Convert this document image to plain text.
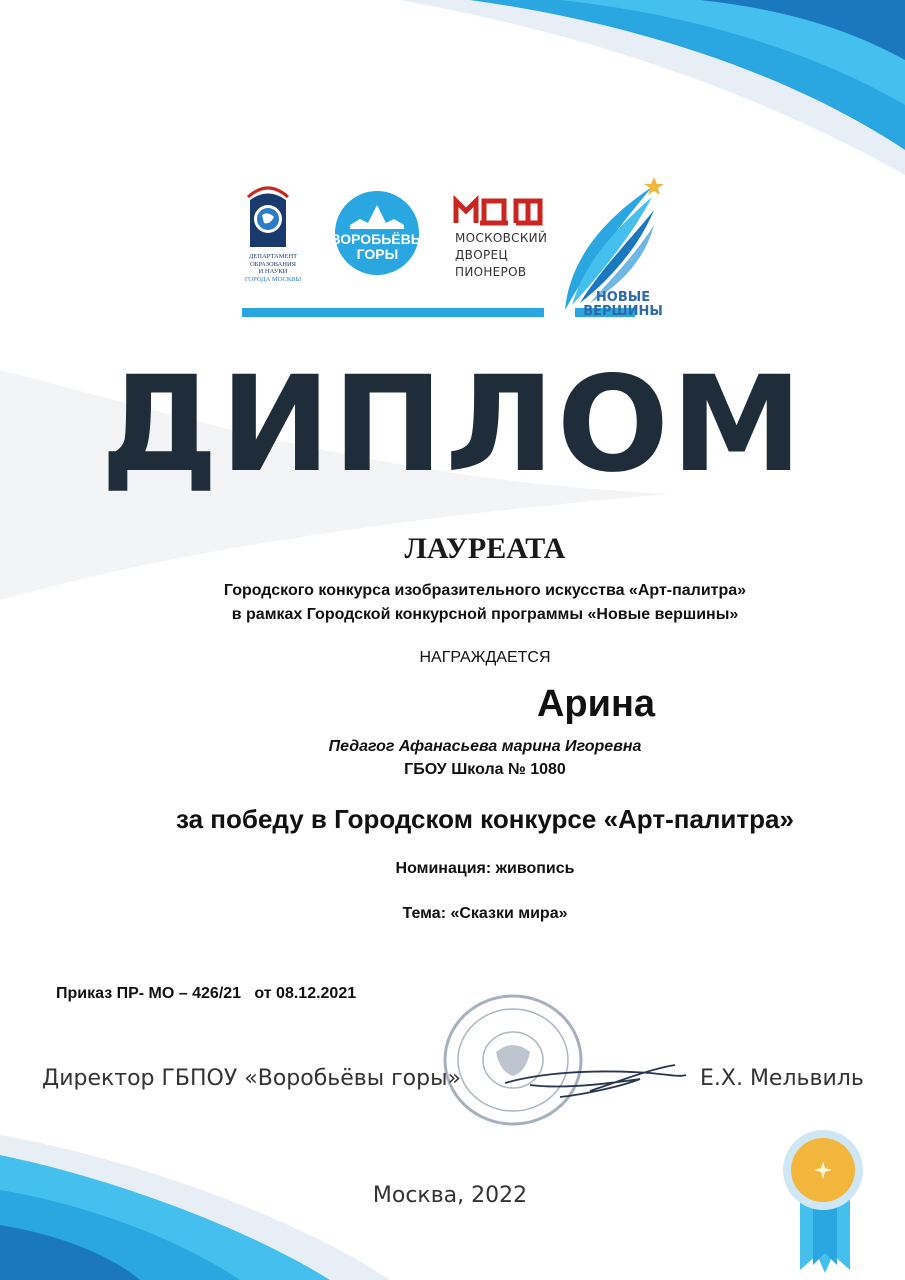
ДЕПАРТАМЕНТ
ОБРАЗОВАНИЯ
И НАУКИ
ГОРОДА МОСКВЫ
ВОРОБЬЁВЫ
ГОРЫ
МОСКОВСКИЙ
ДВОРЕЦ
ПИОНЕРОВ
НОВЫЕ
ВЕРШИНЫ
ДИПЛОМ
ЛАУРЕАТА
Городского конкурса изобразительного искусства «Арт-палитра»
в рамках Городской конкурсной программы «Новые вершины»
НАГРАЖДАЕТСЯ
Арина
Педагог Афанасьева марина Игоревна
ГБОУ Школа № 1080
за победу в Городском конкурсе «Арт-палитра»
Номинация: живопись
Тема: «Сказки мира»
Приказ ПР- МО – 426/21   от 08.12.2021
Директор ГБПОУ «Воробьёвы горы»	Е.Х. Мельвиль
Москва, 2022
